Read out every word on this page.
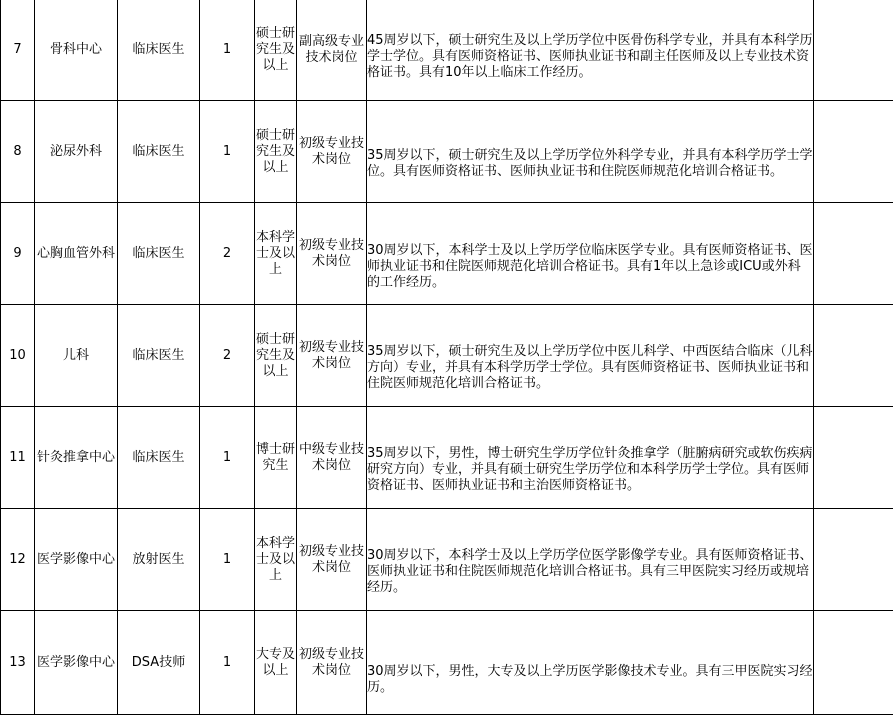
7	骨科中心	临床医生	1	硕士研究生及以上	副高级专业技术岗位	45周岁以下，硕士研究生及以上学历学位中医骨伤科学专业，并具有本科学历学士学位。具有医师资格证书、医师执业证书和副主任医师及以上专业技术资格证书。具有10年以上临床工作经历。	
8	泌尿外科	临床医生	1	硕士研究生及以上	初级专业技术岗位	35周岁以下，硕士研究生及以上学历学位外科学专业，并具有本科学历学士学位。具有医师资格证书、医师执业证书和住院医师规范化培训合格证书。	
9	心胸血管外科	临床医生	2	本科学士及以上	初级专业技术岗位	30周岁以下，本科学士及以上学历学位临床医学专业。具有医师资格证书、医师执业证书和住院医师规范化培训合格证书。具有1年以上急诊或ICU或外科的工作经历。	
10	儿科	临床医生	2	硕士研究生及以上	初级专业技术岗位	35周岁以下，硕士研究生及以上学历学位中医儿科学、中西医结合临床（儿科方向）专业，并具有本科学历学士学位。具有医师资格证书、医师执业证书和住院医师规范化培训合格证书。	
11	针灸推拿中心	临床医生	1	博士研究生	中级专业技术岗位	35周岁以下，男性，博士研究生学历学位针灸推拿学（脏腑病研究或软伤疾病研究方向）专业，并具有硕士研究生学历学位和本科学历学士学位。具有医师资格证书、医师执业证书和主治医师资格证书。	
12	医学影像中心	放射医生	1	本科学士及以上	初级专业技术岗位	30周岁以下，本科学士及以上学历学位医学影像学专业。具有医师资格证书、医师执业证书和住院医师规范化培训合格证书。具有三甲医院实习经历或规培经历。	
13	医学影像中心	DSA技师	1	大专及以上	初级专业技术岗位	30周岁以下，男性，大专及以上学历医学影像技术专业。具有三甲医院实习经历。	
